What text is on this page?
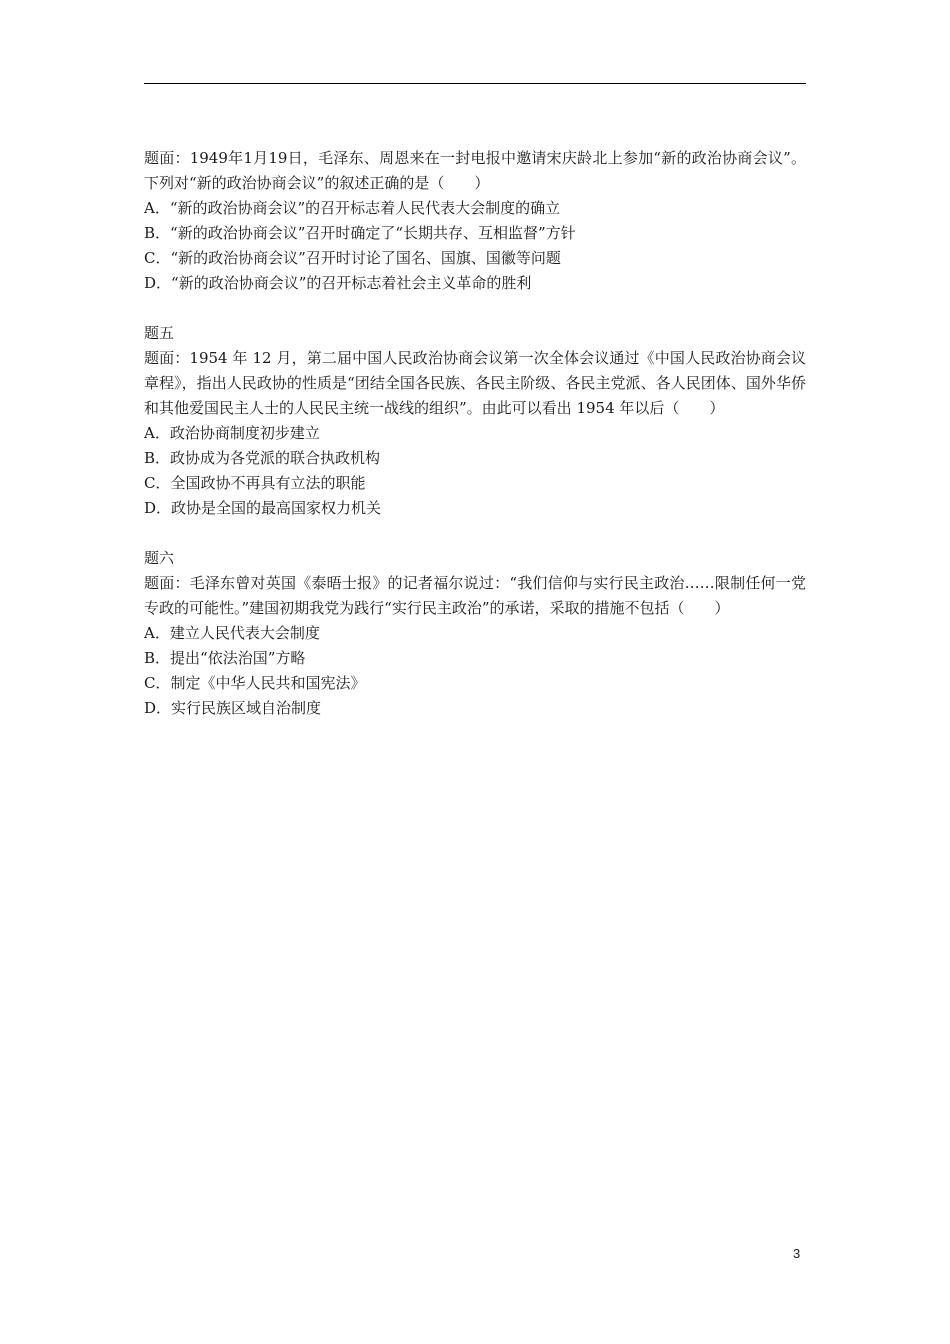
题面：1949年1月19日，毛泽东、周恩来在一封电报中邀请宋庆龄北上参加“新的政治协商会议”。下列对“新的政治协商会议”的叙述正确的是（　　）

A．“新的政治协商会议”的召开标志着人民代表大会制度的确立

B．“新的政治协商会议”召开时确定了“长期共存、互相监督”方针

C．“新的政治协商会议”召开时讨论了国名、国旗、国徽等问题

D．“新的政治协商会议”的召开标志着社会主义革命的胜利

题五

题面：1954 年 12 月，第二届中国人民政治协商会议第一次全体会议通过《中国人民政治协商会议章程》，指出人民政协的性质是“团结全国各民族、各民主阶级、各民主党派、各人民团体、国外华侨和其他爱国民主人士的人民民主统一战线的组织”。由此可以看出 1954 年以后（　　）

A．政治协商制度初步建立

B．政协成为各党派的联合执政机构

C．全国政协不再具有立法的职能

D．政协是全国的最高国家权力机关

题六

题面：毛泽东曾对英国《泰晤士报》的记者福尔说过：“我们信仰与实行民主政治……限制任何一党专政的可能性。”建国初期我党为践行“实行民主政治”的承诺，采取的措施不包括（　　）

A．建立人民代表大会制度

B．提出“依法治国”方略

C．制定《中华人民共和国宪法》

D．实行民族区域自治制度

3
